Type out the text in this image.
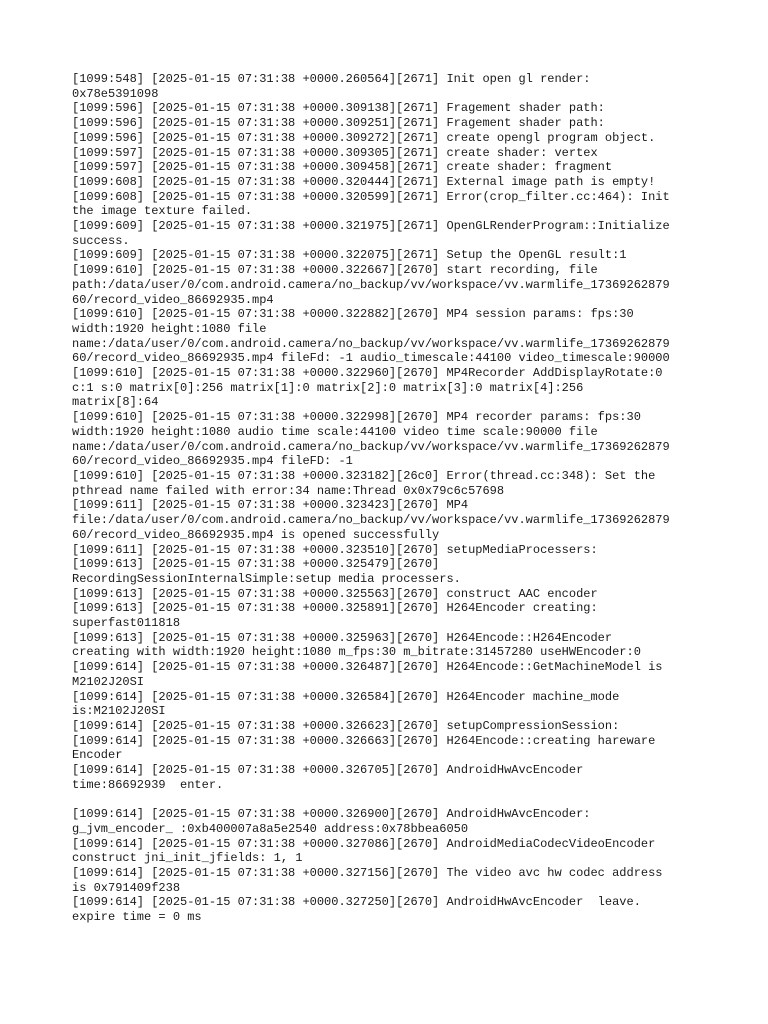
[1099:548] [2025-01-15 07:31:38 +0000.260564][2671] Init open gl render:
0x78e5391098
[1099:596] [2025-01-15 07:31:38 +0000.309138][2671] Fragement shader path:
[1099:596] [2025-01-15 07:31:38 +0000.309251][2671] Fragement shader path:
[1099:596] [2025-01-15 07:31:38 +0000.309272][2671] create opengl program object.
[1099:597] [2025-01-15 07:31:38 +0000.309305][2671] create shader: vertex
[1099:597] [2025-01-15 07:31:38 +0000.309458][2671] create shader: fragment
[1099:608] [2025-01-15 07:31:38 +0000.320444][2671] External image path is empty!
[1099:608] [2025-01-15 07:31:38 +0000.320599][2671] Error(crop_filter.cc:464): Init
the image texture failed.
[1099:609] [2025-01-15 07:31:38 +0000.321975][2671] OpenGLRenderProgram::Initialize
success.
[1099:609] [2025-01-15 07:31:38 +0000.322075][2671] Setup the OpenGL result:1
[1099:610] [2025-01-15 07:31:38 +0000.322667][2670] start recording, file
path:/data/user/0/com.android.camera/no_backup/vv/workspace/vv.warmlife_17369262879
60/record_video_86692935.mp4
[1099:610] [2025-01-15 07:31:38 +0000.322882][2670] MP4 session params: fps:30
width:1920 height:1080 file
name:/data/user/0/com.android.camera/no_backup/vv/workspace/vv.warmlife_17369262879
60/record_video_86692935.mp4 fileFd: -1 audio_timescale:44100 video_timescale:90000
[1099:610] [2025-01-15 07:31:38 +0000.322960][2670] MP4Recorder AddDisplayRotate:0
c:1 s:0 matrix[0]:256 matrix[1]:0 matrix[2]:0 matrix[3]:0 matrix[4]:256
matrix[8]:64
[1099:610] [2025-01-15 07:31:38 +0000.322998][2670] MP4 recorder params: fps:30
width:1920 height:1080 audio time scale:44100 video time scale:90000 file
name:/data/user/0/com.android.camera/no_backup/vv/workspace/vv.warmlife_17369262879
60/record_video_86692935.mp4 fileFD: -1
[1099:610] [2025-01-15 07:31:38 +0000.323182][26c0] Error(thread.cc:348): Set the
pthread name failed with error:34 name:Thread 0x0x79c6c57698
[1099:611] [2025-01-15 07:31:38 +0000.323423][2670] MP4
file:/data/user/0/com.android.camera/no_backup/vv/workspace/vv.warmlife_17369262879
60/record_video_86692935.mp4 is opened successfully
[1099:611] [2025-01-15 07:31:38 +0000.323510][2670] setupMediaProcessers:
[1099:613] [2025-01-15 07:31:38 +0000.325479][2670]
RecordingSessionInternalSimple:setup media processers.
[1099:613] [2025-01-15 07:31:38 +0000.325563][2670] construct AAC encoder
[1099:613] [2025-01-15 07:31:38 +0000.325891][2670] H264Encoder creating:
superfast011818
[1099:613] [2025-01-15 07:31:38 +0000.325963][2670] H264Encode::H264Encoder
creating with width:1920 height:1080 m_fps:30 m_bitrate:31457280 useHWEncoder:0
[1099:614] [2025-01-15 07:31:38 +0000.326487][2670] H264Encode::GetMachineModel is
M2102J20SI
[1099:614] [2025-01-15 07:31:38 +0000.326584][2670] H264Encoder machine_mode
is:M2102J20SI
[1099:614] [2025-01-15 07:31:38 +0000.326623][2670] setupCompressionSession:
[1099:614] [2025-01-15 07:31:38 +0000.326663][2670] H264Encode::creating hareware
Encoder
[1099:614] [2025-01-15 07:31:38 +0000.326705][2670] AndroidHwAvcEncoder
time:86692939  enter.
[1099:614] [2025-01-15 07:31:38 +0000.326900][2670] AndroidHwAvcEncoder:
g_jvm_encoder_ :0xb400007a8a5e2540 address:0x78bbea6050
[1099:614] [2025-01-15 07:31:38 +0000.327086][2670] AndroidMediaCodecVideoEncoder
construct jni_init_jfields: 1, 1
[1099:614] [2025-01-15 07:31:38 +0000.327156][2670] The video avc hw codec address
is 0x791409f238
[1099:614] [2025-01-15 07:31:38 +0000.327250][2670] AndroidHwAvcEncoder  leave.
expire time = 0 ms
